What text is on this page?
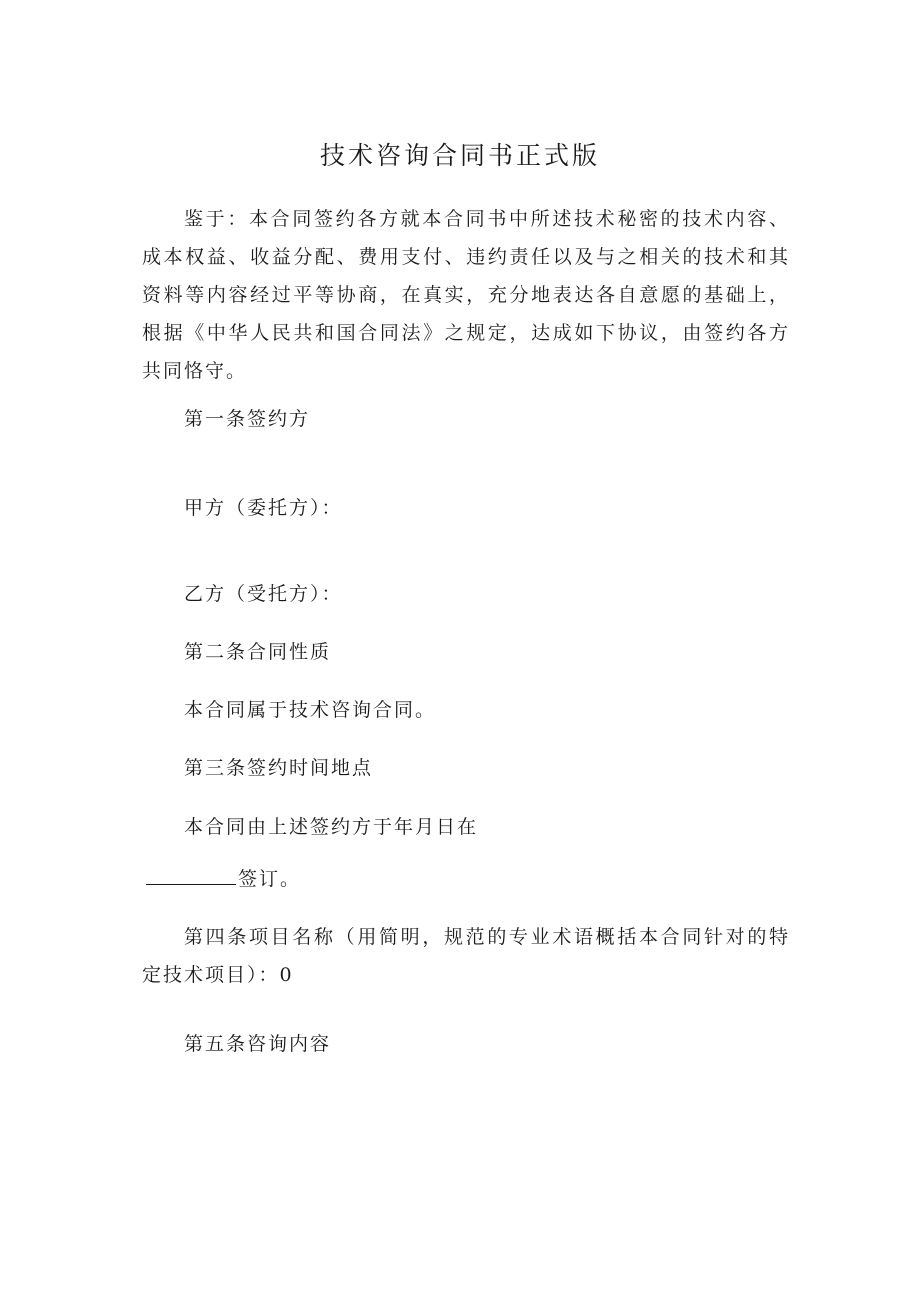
技术咨询合同书正式版

鉴于：本合同签约各方就本合同书中所述技术秘密的技术内容、成本权益、收益分配、费用支付、违约责任以及与之相关的技术和其资料等内容经过平等协商，在真实，充分地表达各自意愿的基础上，根据《中华人民共和国合同法》之规定，达成如下协议，由签约各方共同恪守。

第一条签约方

甲方（委托方）：

乙方（受托方）：

第二条合同性质

本合同属于技术咨询合同。

第三条签约时间地点

本合同由上述签约方于年月日在

签订。

第四条项目名称（用简明，规范的专业术语概括本合同针对的特定技术项目）：0

第五条咨询内容
